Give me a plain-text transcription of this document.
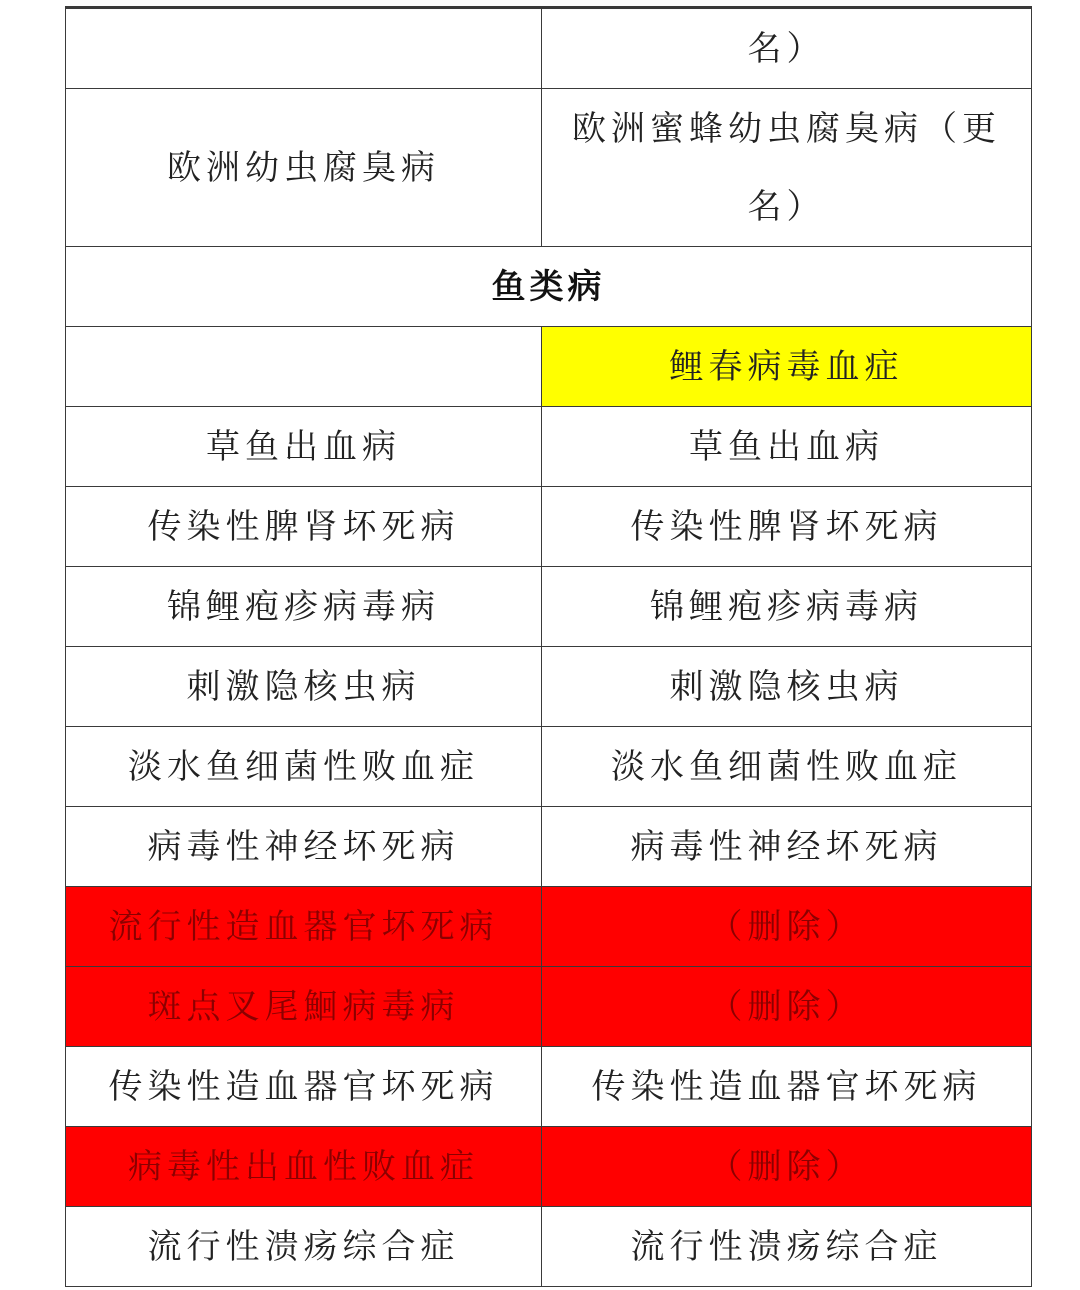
	名）
欧洲幼虫腐臭病	欧洲蜜蜂幼虫腐臭病（更名）
鱼类病	
	鲤春病毒血症
草鱼出血病	草鱼出血病
传染性脾肾坏死病	传染性脾肾坏死病
锦鲤疱疹病毒病	锦鲤疱疹病毒病
刺激隐核虫病	刺激隐核虫病
淡水鱼细菌性败血症	淡水鱼细菌性败血症
病毒性神经坏死病	病毒性神经坏死病
流行性造血器官坏死病	（删除）
斑点叉尾鮰病毒病	（删除）
传染性造血器官坏死病	传染性造血器官坏死病
病毒性出血性败血症	（删除）
流行性溃疡综合症	流行性溃疡综合症
